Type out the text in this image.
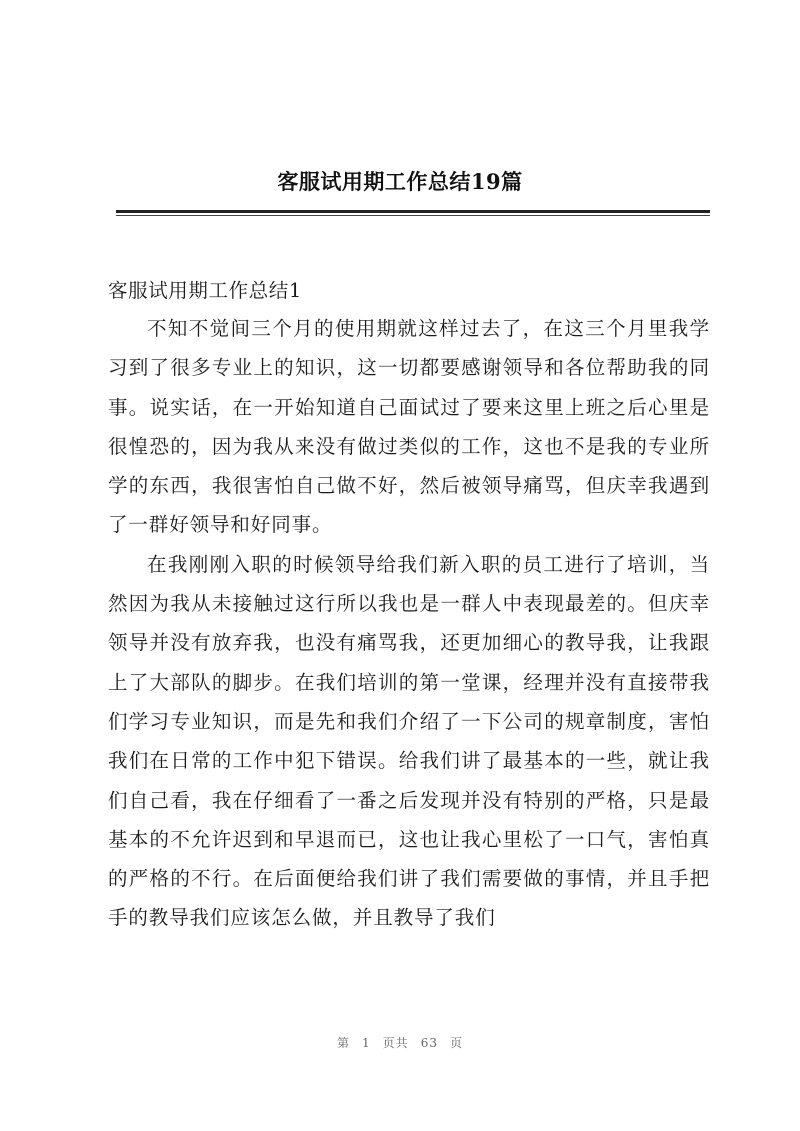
客服试用期工作总结19篇
客服试用期工作总结1

不知不觉间三个月的使用期就这样过去了，在这三个月里我学习到了很多专业上的知识，这一切都要感谢领导和各位帮助我的同事。说实话，在一开始知道自己面试过了要来这里上班之后心里是很惶恐的，因为我从来没有做过类似的工作，这也不是我的专业所学的东西，我很害怕自己做不好，然后被领导痛骂，但庆幸我遇到了一群好领导和好同事。

在我刚刚入职的时候领导给我们新入职的员工进行了培训，当然因为我从未接触过这行所以我也是一群人中表现最差的。但庆幸领导并没有放弃我，也没有痛骂我，还更加细心的教导我，让我跟上了大部队的脚步。在我们培训的第一堂课，经理并没有直接带我们学习专业知识，而是先和我们介绍了一下公司的规章制度，害怕我们在日常的工作中犯下错误。给我们讲了最基本的一些，就让我们自己看，我在仔细看了一番之后发现并没有特别的严格，只是最基本的不允许迟到和早退而已，这也让我心里松了一口气，害怕真的严格的不行。在后面便给我们讲了我们需要做的事情，并且手把手的教导我们应该怎么做，并且教导了我们

第 1 页共 63 页
